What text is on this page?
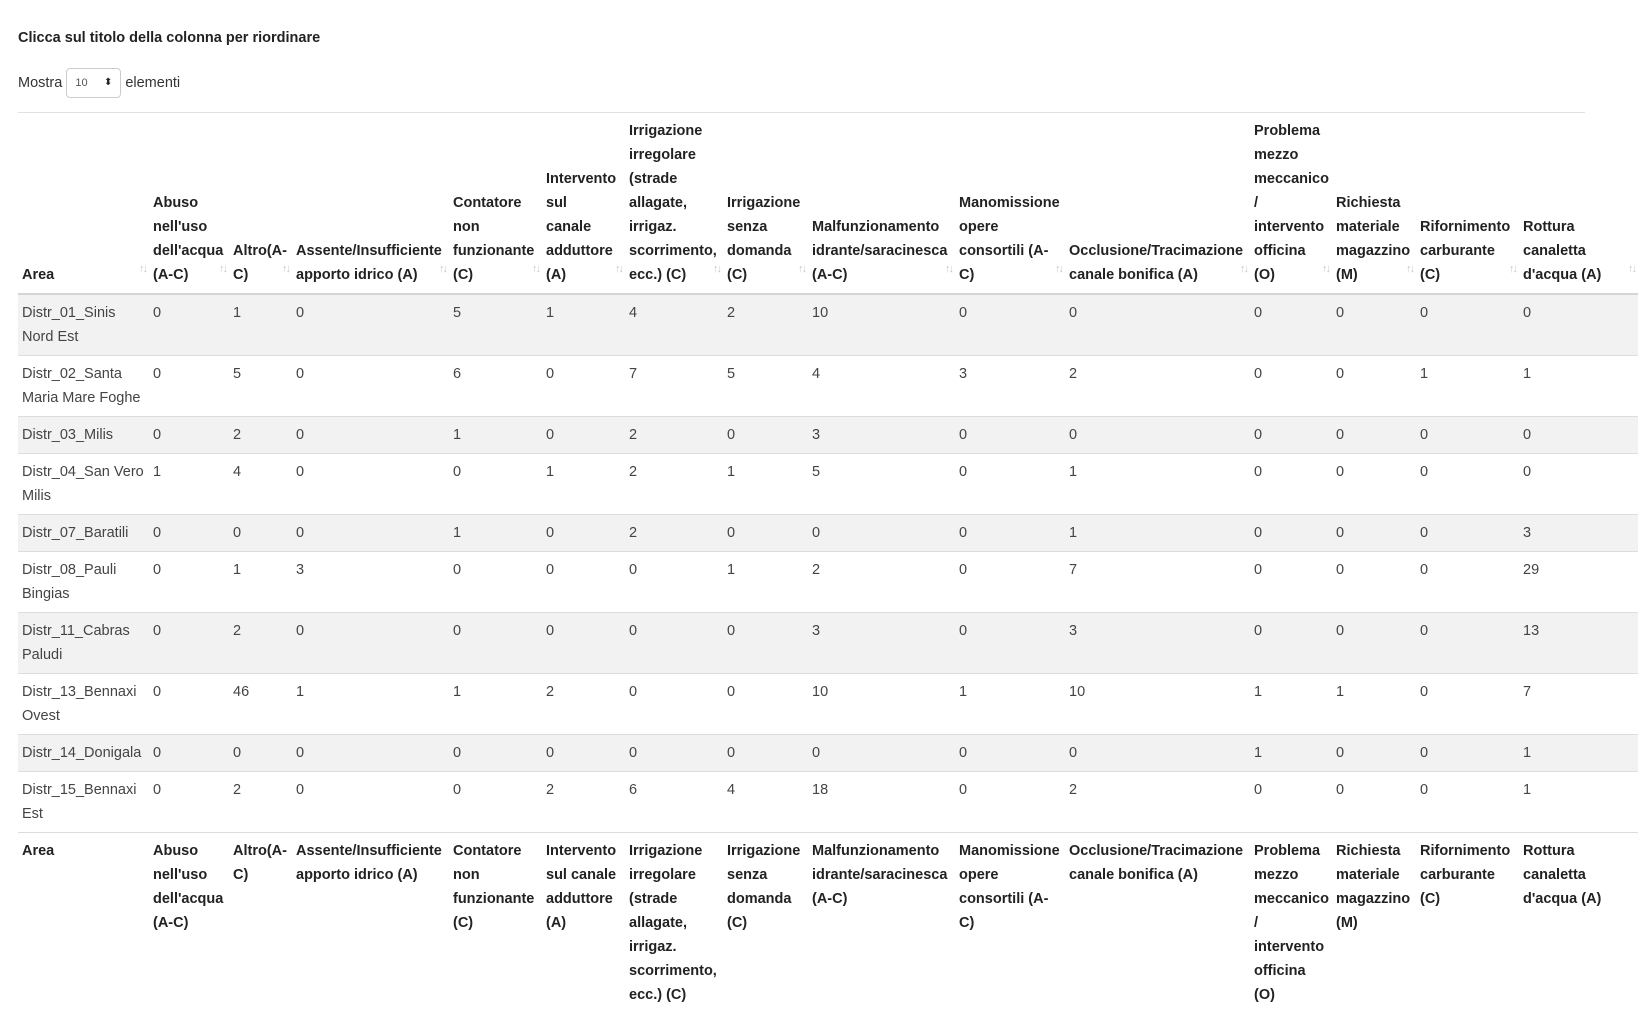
Clicca sul titolo della colonna per riordinare
Mostra 10 ⬍ elementi
Area ↑↓	Abuso nell'uso dell'acqua (A-C) ↑↓	Altro(A-C) ↑↓	Assente/Insufficiente apporto idrico (A) ↑↓	Contatore non funzionante (C) ↑↓	Intervento sul canale adduttore (A) ↑↓	Irrigazione irregolare (strade allagate, irrigaz. scorrimento, ecc.) (C) ↑↓	Irrigazione senza domanda (C) ↑↓	Malfunzionamento idrante/saracinesca (A-C) ↑↓	Manomissione opere consortili (A-C) ↑↓	Occlusione/Tracimazione canale bonifica (A) ↑↓	Problema mezzo meccanico / intervento officina (O) ↑↓	Richiesta materiale magazzino (M) ↑↓	Rifornimento carburante (C) ↑↓	Rottura canaletta d'acqua (A) ↑↓

Distr_01_Sinis Nord Est	0	1	0	5	1	4	2	10	0	0	0	0	0	0
Distr_02_Santa Maria Mare Foghe	0	5	0	6	0	7	5	4	3	2	0	0	1	1
Distr_03_Milis	0	2	0	1	0	2	0	3	0	0	0	0	0	0
Distr_04_San Vero Milis	1	4	0	0	1	2	1	5	0	1	0	0	0	0
Distr_07_Baratili	0	0	0	1	0	2	0	0	0	1	0	0	0	3
Distr_08_Pauli Bingias	0	1	3	0	0	0	1	2	0	7	0	0	0	29
Distr_11_Cabras Paludi	0	2	0	0	0	0	0	3	0	3	0	0	0	13
Distr_13_Bennaxi Ovest	0	46	1	1	2	0	0	10	1	10	1	1	0	7
Distr_14_Donigala	0	0	0	0	0	0	0	0	0	0	1	0	0	1
Distr_15_Bennaxi Est	0	2	0	0	2	6	4	18	0	2	0	0	0	1
Area	Abuso nell'uso dell'acqua (A-C)	Altro(A-C)	Assente/Insufficiente apporto idrico (A)	Contatore non funzionante (C)	Intervento sul canale adduttore (A)	Irrigazione irregolare (strade allagate, irrigaz. scorrimento, ecc.) (C)	Irrigazione senza domanda (C)	Malfunzionamento idrante/saracinesca (A-C)	Manomissione opere consortili (A-C)	Occlusione/Tracimazione canale bonifica (A)	Problema mezzo meccanico / intervento officina (O)	Richiesta materiale magazzino (M)	Rifornimento carburante (C)	Rottura canaletta d'acqua (A)
